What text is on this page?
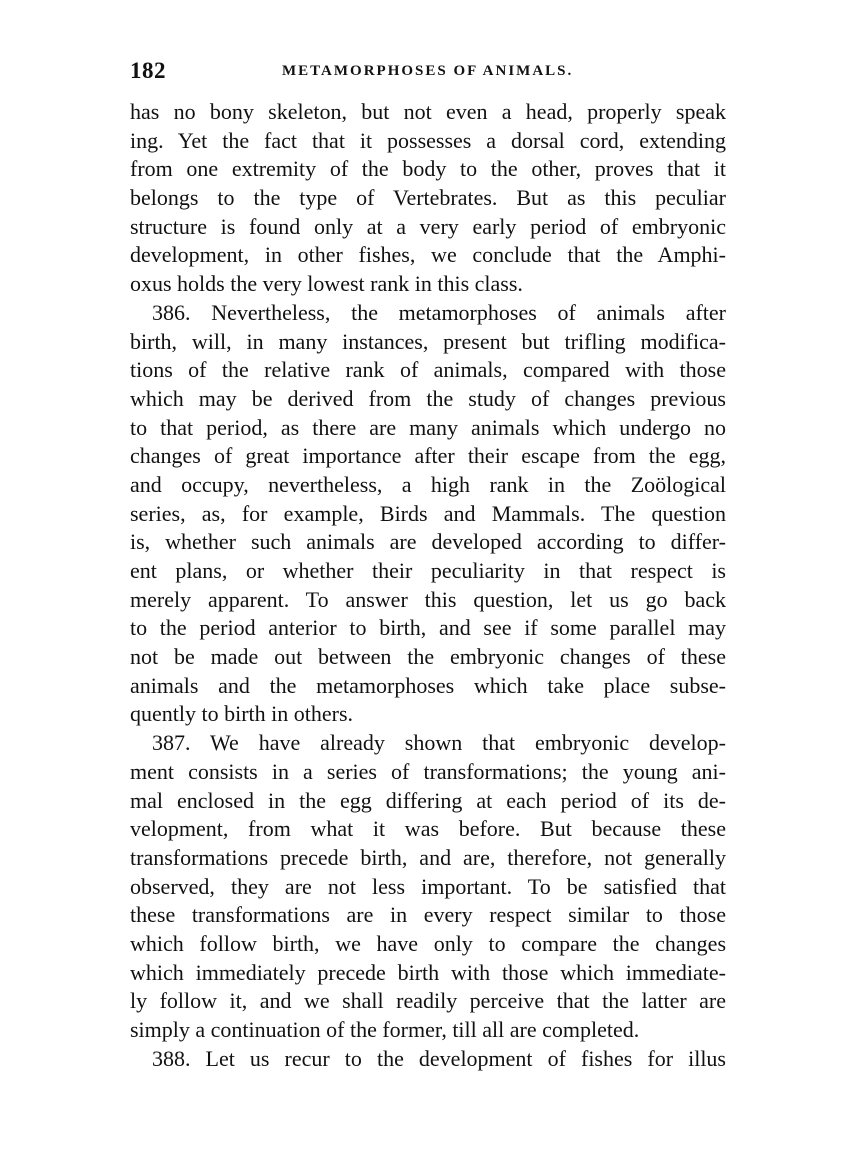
182	METAMORPHOSES OF ANIMALS.
has no bony skeleton, but not even a head, properly speak
ing. Yet the fact that it possesses a dorsal cord, extending
from one extremity of the body to the other, proves that it
belongs to the type of Vertebrates. But as this peculiar
structure is found only at a very early period of embryonic
development, in other fishes, we conclude that the Amphi-
oxus holds the very lowest rank in this class.
386. Nevertheless, the metamorphoses of animals after
birth, will, in many instances, present but trifling modifica-
tions of the relative rank of animals, compared with those
which may be derived from the study of changes previous
to that period, as there are many animals which undergo no
changes of great importance after their escape from the egg,
and occupy, nevertheless, a high rank in the Zoölogical
series, as, for example, Birds and Mammals. The question
is, whether such animals are developed according to differ-
ent plans, or whether their peculiarity in that respect is
merely apparent. To answer this question, let us go back
to the period anterior to birth, and see if some parallel may
not be made out between the embryonic changes of these
animals and the metamorphoses which take place subse-
quently to birth in others.
387. We have already shown that embryonic develop-
ment consists in a series of transformations; the young ani-
mal enclosed in the egg differing at each period of its de-
velopment, from what it was before. But because these
transformations precede birth, and are, therefore, not generally
observed, they are not less important. To be satisfied that
these transformations are in every respect similar to those
which follow birth, we have only to compare the changes
which immediately precede birth with those which immediate-
ly follow it, and we shall readily perceive that the latter are
simply a continuation of the former, till all are completed.
388. Let us recur to the development of fishes for illus
